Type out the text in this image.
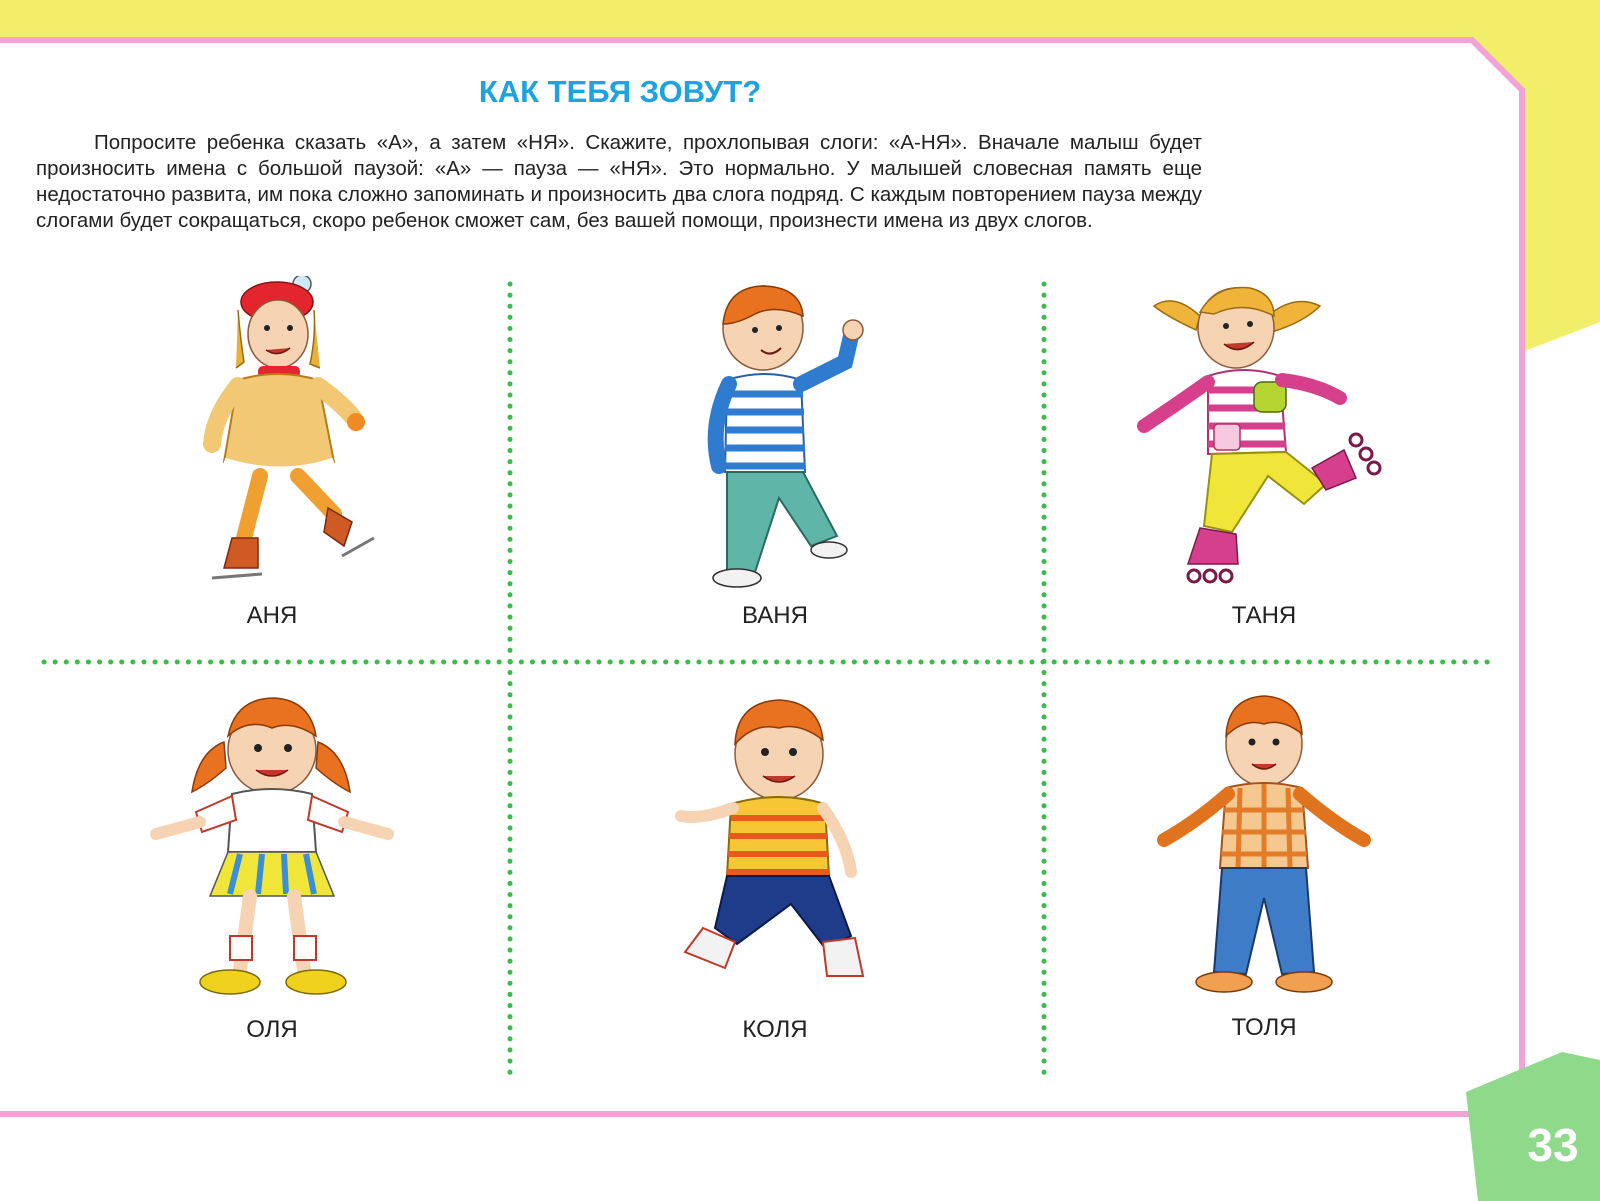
КАК ТЕБЯ ЗОВУТ?

Попросите ребенка сказать «А», а затем «НЯ». Скажите, прохлопывая слоги: «А-НЯ». Вначале малыш будет произносить имена с большой паузой: «А» — пауза — «НЯ». Это нормально. У малышей словесная память еще недостаточно развита, им пока сложно запоминать и произносить два слога подряд. С каждым повторением пауза между слогами будет сокращаться, скоро ребенок сможет сам, без вашей помощи, произнести имена из двух слогов.

АНЯ	ВАНЯ	ТАНЯ
ОЛЯ	КОЛЯ	ТОЛЯ
33
